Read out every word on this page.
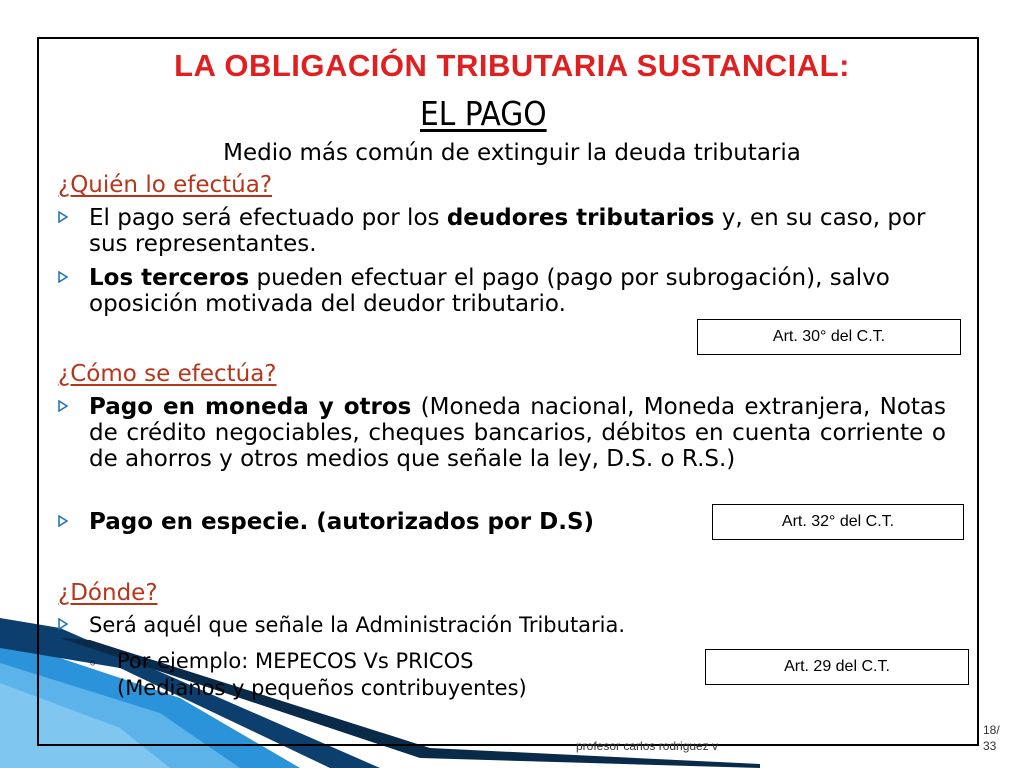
LA OBLIGACIÓN TRIBUTARIA SUSTANCIAL:
EL PAGO
Medio más común de extinguir la deuda tributaria
¿Quién lo efectúa?
El pago será efectuado por los deudores tributarios y, en su caso, por sus representantes.
Los terceros pueden efectuar el pago (pago por subrogación), salvo oposición motivada del deudor tributario.
Art. 30° del C.T.
¿Cómo se efectúa?
Pago en moneda y otros (Moneda nacional, Moneda extranjera, Notas de crédito negociables, cheques bancarios, débitos en cuenta corriente o de ahorros y otros medios que señale la ley, D.S. o R.S.)
Pago en especie. (autorizados por D.S)	Art. 32° del C.T.
¿Dónde?
Será aquél que señale la Administración Tributaria.
◦ Por ejemplo: MEPECOS Vs PRICOS
(Medianos y pequeños contribuyentes)
Art. 29 del C.T.
profesor carlos rodriguez v
18/
33
